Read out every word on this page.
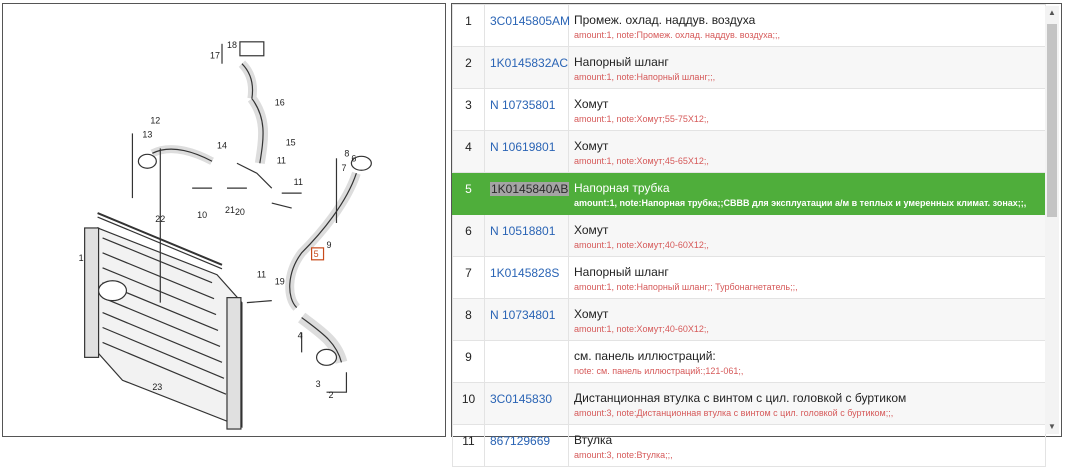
1
2
3
4
5
6
7
8
9
10
11
11
11
12
13
14	15
16
17
18
19
20
21
22
23
1	3C0145805AM	Промеж. охлад. наддув. воздуха
amount:1, note:Промеж. охлад. наддув. воздуха;;,

2	1K0145832AC	Напорный шланг
amount:1, note:Напорный шланг;;,

3	N 10735801	Хомут
amount:1, note:Хомут;55-75X12;,

4	N 10619801	Хомут
amount:1, note:Хомут;45-65X12;,

5	1K0145840AB	Напорная трубка
amount:1, note:Напорная трубка;;СВВВ для эксплуатации а/м в теплых и умеренных климат. зонах;;,

6	N 10518801	Хомут
amount:1, note:Хомут;40-60X12;,

7	1K0145828S	Напорный шланг
amount:1, note:Напорный шланг;; Турбонагнетатель;;,

8	N 10734801	Хомут
amount:1, note:Хомут;40-60X12;,

9		см. панель иллюстраций:
note: см. панель иллюстраций:;121-061;,

10	3C0145830	Дистанционная втулка с винтом с цил. головкой с буртиком
amount:3, note:Дистанционная втулка с винтом с цил. головкой с буртиком;;,

11	867129669	Втулка
amount:3, note:Втулка;;,
▲
▼
